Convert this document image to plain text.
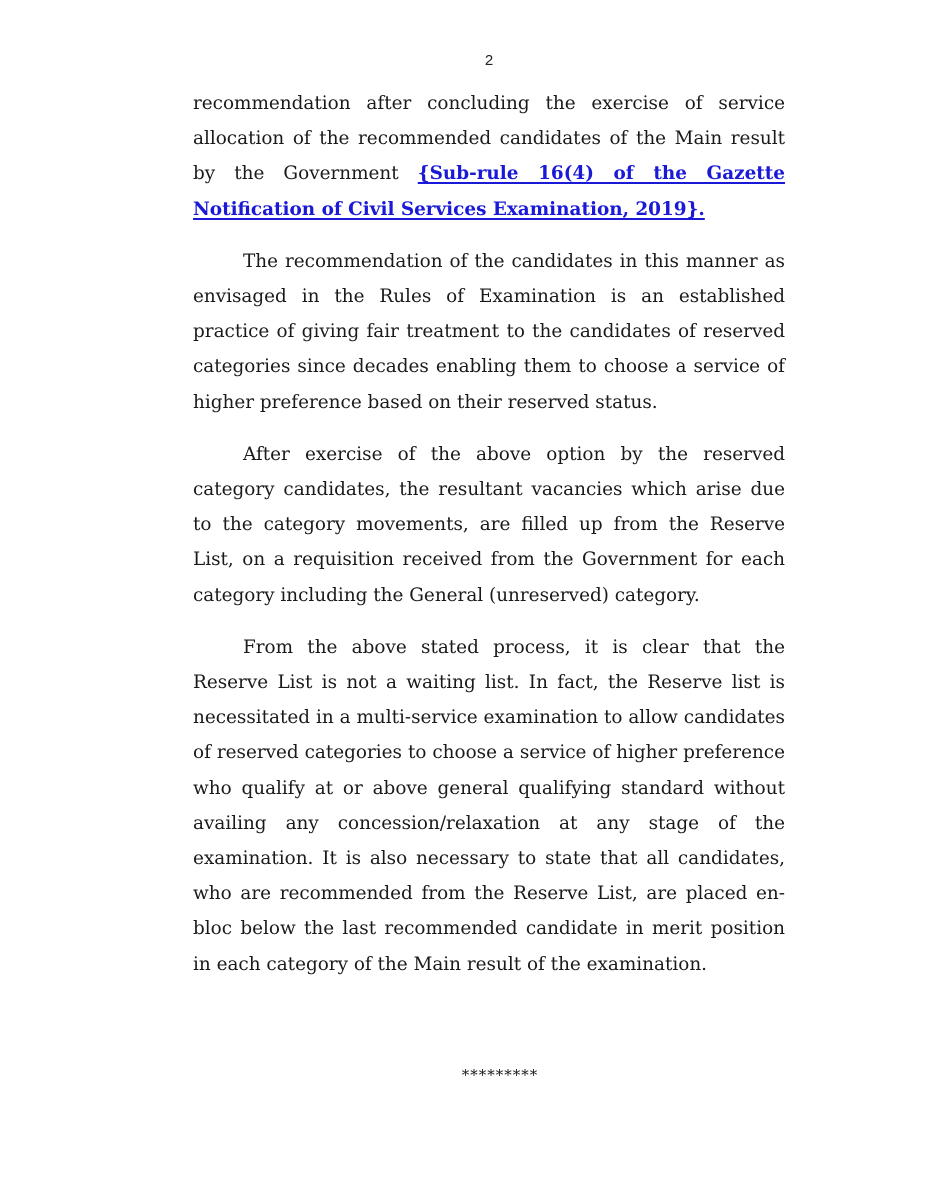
2

recommendation after concluding the exercise of service allocation of the recommended candidates of the Main result by the Government {Sub-rule 16(4) of the Gazette Notification of Civil Services Examination, 2019}.

The recommendation of the candidates in this manner as envisaged in the Rules of Examination is an established practice of giving fair treatment to the candidates of reserved categories since decades enabling them to choose a service of higher preference based on their reserved status.

After exercise of the above option by the reserved category candidates, the resultant vacancies which arise due to the category movements, are filled up from the Reserve List, on a requisition received from the Government for each category including the General (unreserved) category.

From the above stated process, it is clear that the Reserve List is not a waiting list. In fact, the Reserve list is necessitated in a multi-service examination to allow candidates of reserved categories to choose a service of higher preference who qualify at or above general qualifying standard without availing any concession/relaxation at any stage of the examination. It is also necessary to state that all candidates, who are recommended from the Reserve List, are placed en-bloc below the last recommended candidate in merit position in each category of the Main result of the examination.

*********
